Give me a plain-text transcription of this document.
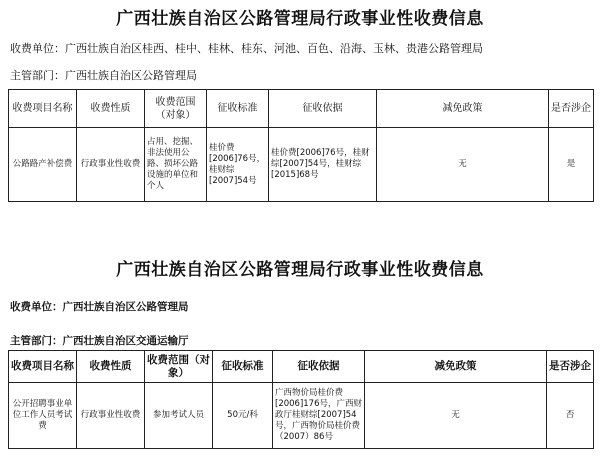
广西壮族自治区公路管理局行政事业性收费信息
收费单位：广西壮族自治区桂西、桂中、桂林、桂东、河池、百色、沿海、玉林、贵港公路管理局
主管部门：广西壮族自治区公路管理局
收费项目名称	收费性质	收费范围（对象）	征收标准	征收依据	减免政策	是否涉企
公路路产补偿费	行政事业性收费	占用、挖掘、非法使用公路、损坏公路设施的单位和个人	桂价费[2006]76号，桂财综[2007]54号	桂价费[2006]76号，桂财综[2007]54号，桂财综[2015]68号	无	是
广西壮族自治区公路管理局行政事业性收费信息
收费单位：广西壮族自治区公路管理局
主管部门：广西壮族自治区交通运输厅
收费项目名称	收费性质	收费范围（对象）	征收标准	征收依据	减免政策	是否涉企
公开招聘事业单位工作人员考试费	行政事业性收费	参加考试人员	50元/科	广西物价局桂价费[2006]176号，广西财政厅桂财综[2007]54号，广西物价局桂价费（2007）86号	无	否
